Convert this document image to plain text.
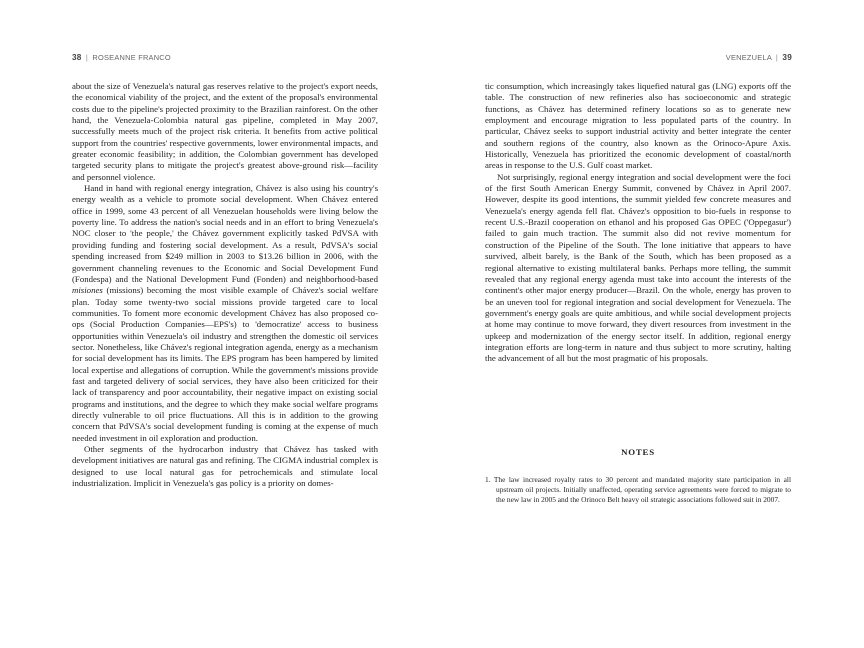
38 | ROSEANNE FRANCO

about the size of Venezuela's natural gas reserves relative to the project's export needs, the economical viability of the project, and the extent of the proposal's environmental costs due to the pipeline's projected proximity to the Brazilian rainforest. On the other hand, the Venezuela-Colombia natural gas pipeline, completed in May 2007, successfully meets much of the project risk criteria. It benefits from active political support from the countries' respective governments, lower environmental impacts, and greater economic feasibility; in addition, the Colombian government has developed targeted security plans to mitigate the project's greatest above-ground risk—facility and personnel violence.

Hand in hand with regional energy integration, Chávez is also using his country's energy wealth as a vehicle to promote social development. When Chávez entered office in 1999, some 43 percent of all Venezuelan households were living below the poverty line. To address the nation's social needs and in an effort to bring Venezuela's NOC closer to 'the people,' the Chávez government explicitly tasked PdVSA with providing funding and fostering social development. As a result, PdVSA's social spending increased from $249 million in 2003 to $13.26 billion in 2006, with the government channeling revenues to the Economic and Social Development Fund (Fondespa) and the National Development Fund (Fonden) and neighborhood-based misiones (missions) becoming the most visible example of Chávez's social welfare plan. Today some twenty-two social missions provide targeted care to local communities. To foment more economic development Chávez has also proposed co-ops (Social Production Companies—EPS's) to 'democratize' access to business opportunities within Venezuela's oil industry and strengthen the domestic oil services sector. Nonetheless, like Chávez's regional integration agenda, energy as a mechanism for social development has its limits. The EPS program has been hampered by limited local expertise and allegations of corruption. While the government's missions provide fast and targeted delivery of social services, they have also been criticized for their lack of transparency and poor accountability, their negative impact on existing social programs and institutions, and the degree to which they make social welfare programs directly vulnerable to oil price fluctuations. All this is in addition to the growing concern that PdVSA's social development funding is coming at the expense of much needed investment in oil exploration and production.

Other segments of the hydrocarbon industry that Chávez has tasked with development initiatives are natural gas and refining. The CIGMA industrial complex is designed to use local natural gas for petrochemicals and stimulate local industrialization. Implicit in Venezuela's gas policy is a priority on domes-

VENEZUELA | 39

tic consumption, which increasingly takes liquefied natural gas (LNG) exports off the table. The construction of new refineries also has socioeconomic and strategic functions, as Chávez has determined refinery locations so as to generate new employment and encourage migration to less populated parts of the country. In particular, Chávez seeks to support industrial activity and better integrate the center and southern regions of the country, also known as the Orinoco-Apure Axis. Historically, Venezuela has prioritized the economic development of coastal/north areas in response to the U.S. Gulf coast market.

Not surprisingly, regional energy integration and social development were the foci of the first South American Energy Summit, convened by Chávez in April 2007. However, despite its good intentions, the summit yielded few concrete measures and Venezuela's energy agenda fell flat. Chávez's opposition to bio-fuels in response to recent U.S.-Brazil cooperation on ethanol and his proposed Gas OPEC ('Oppegasur') failed to gain much traction. The summit also did not revive momentum for construction of the Pipeline of the South. The lone initiative that appears to have survived, albeit barely, is the Bank of the South, which has been proposed as a regional alternative to existing multilateral banks. Perhaps more telling, the summit revealed that any regional energy agenda must take into account the interests of the continent's other major energy producer—Brazil. On the whole, energy has proven to be an uneven tool for regional integration and social development for Venezuela. The government's energy goals are quite ambitious, and while social development projects at home may continue to move forward, they divert resources from investment in the upkeep and modernization of the energy sector itself. In addition, regional energy integration efforts are long-term in nature and thus subject to more scrutiny, halting the advancement of all but the most pragmatic of his proposals.

NOTES

1. The law increased royalty rates to 30 percent and mandated majority state participation in all upstream oil projects. Initially unaffected, operating service agreements were forced to migrate to the new law in 2005 and the Orinoco Belt heavy oil strategic associations followed suit in 2007.
